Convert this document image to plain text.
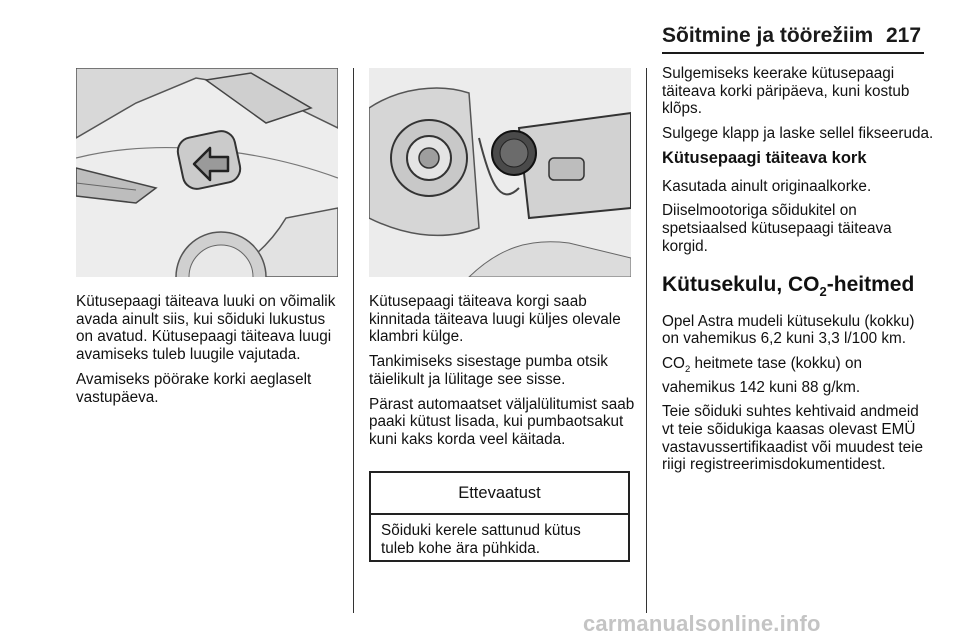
Sõitmine ja töörežiim 217

Kütusepaagi täiteava luuki on võimalik avada ainult siis, kui sõiduki lukustus on avatud. Kütusepaagi täiteava luugi avamiseks tuleb luugile vajutada.

Avamiseks pöörake korki aeglaselt vastupäeva.

Kütusepaagi täiteava korgi saab kinnitada täiteava luugi küljes olevale klambri külge.

Tankimiseks sisestage pumba otsik täielikult ja lülitage see sisse.

Pärast automaatset väljalülitumist saab paaki kütust lisada, kui pumbaotsakut kuni kaks korda veel käitada.

Ettevaatust
Sõiduki kerele sattunud kütus tuleb kohe ära pühkida.

Sulgemiseks keerake kütusepaagi täiteava korki päripäeva, kuni kostub klõps.

Sulgege klapp ja laske sellel fikseeruda.

Kütusepaagi täiteava kork

Kasutada ainult originaalkorke.

Diiselmootoriga sõidukitel on spetsiaalsed kütusepaagi täiteava korgid.

Kütusekulu, $CO_2$-heitmed

Opel Astra mudeli kütusekulu (kokku) on vahemikus 6,2 kuni 3,3 l/100 km.

$CO_2$ heitmete tase (kokku) on vahemikus 142 kuni 88 g/km.

Teie sõiduki suhtes kehtivaid andmeid vt teie sõidukiga kaasas olevast EMÜ vastavussertifikaadist või muudest teie riigi registreerimisdokumentidest.

carmanualsonline.info
